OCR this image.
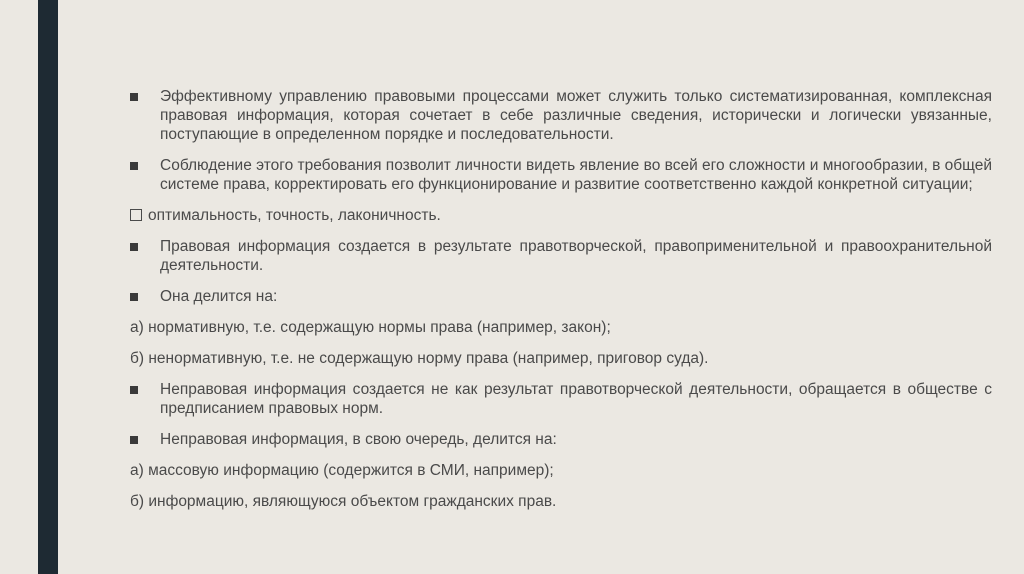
Эффективному управлению правовыми процессами может служить только систематизированная, комплексная правовая информация, которая сочетает в себе различные сведения, исторически и логически увязанные, поступающие в определенном порядке и последовательности.
Соблюдение этого требования позволит личности видеть явление во всей его сложности и многообразии, в общей системе права, корректировать его функционирование и развитие соответственно каждой конкретной ситуации;
оптимальность, точность, лаконичность.
Правовая информация создается в результате правотворческой, правоприменительной и правоохранительной деятельности.
Она делится на:
а) нормативную, т.е. содержащую нормы права (например, закон);
б) ненормативную, т.е. не содержащую норму права (например, приговор суда).
Неправовая информация создается не как результат правотворческой деятельности, обращается в обществе с предписанием правовых норм.
Неправовая информация, в свою очередь, делится на:
а) массовую информацию (содержится в СМИ, например);
б) информацию, являющуюся объектом гражданских прав.
